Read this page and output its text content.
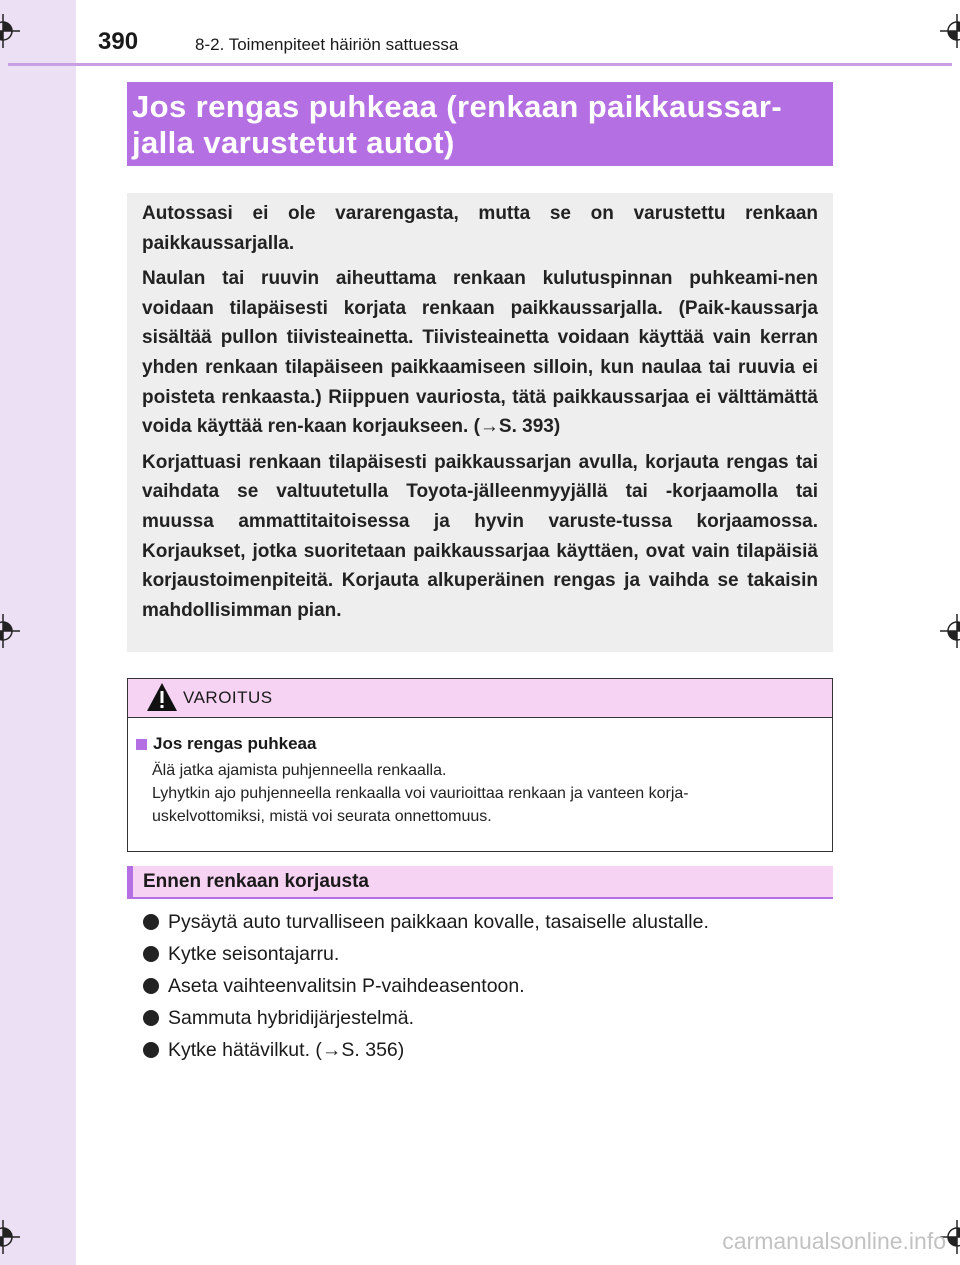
390	8-2. Toimenpiteet häiriön sattuessa
Jos rengas puhkeaa (renkaan paikkaussar-
jalla varustetut autot)

Autossasi ei ole vararengasta, mutta se on varustettu renkaan paikkaussarjalla.

Naulan tai ruuvin aiheuttama renkaan kulutuspinnan puhkeami-nen voidaan tilapäisesti korjata renkaan paikkaussarjalla. (Paik-kaussarja sisältää pullon tiivisteainetta. Tiivisteainetta voidaan käyttää vain kerran yhden renkaan tilapäiseen paikkaamiseen silloin, kun naulaa tai ruuvia ei poisteta renkaasta.) Riippuen vauriosta, tätä paikkaussarjaa ei välttämättä voida käyttää ren-kaan korjaukseen. (→S. 393)

Korjattuasi renkaan tilapäisesti paikkaussarjan avulla, korjauta rengas tai vaihdata se valtuutetulla Toyota-jälleenmyyjällä tai -korjaamolla tai muussa ammattitaitoisessa ja hyvin varuste-tussa korjaamossa. Korjaukset, jotka suoritetaan paikkaussarjaa käyttäen, ovat vain tilapäisiä korjaustoimenpiteitä. Korjauta alkuperäinen rengas ja vaihda se takaisin mahdollisimman pian.

VAROITUS
Jos rengas puhkeaa
Älä jatka ajamista puhjenneella renkaalla.
Lyhytkin ajo puhjenneella renkaalla voi vaurioittaa renkaan ja vanteen korja-
uskelvottomiksi, mistä voi seurata onnettomuus.
Ennen renkaan korjausta
Pysäytä auto turvalliseen paikkaan kovalle, tasaiselle alustalle.
Kytke seisontajarru.
Aseta vaihteenvalitsin P-vaihdeasentoon.
Sammuta hybridijärjestelmä.
Kytke hätävilkut. (→S. 356)
carmanualsonline.info
